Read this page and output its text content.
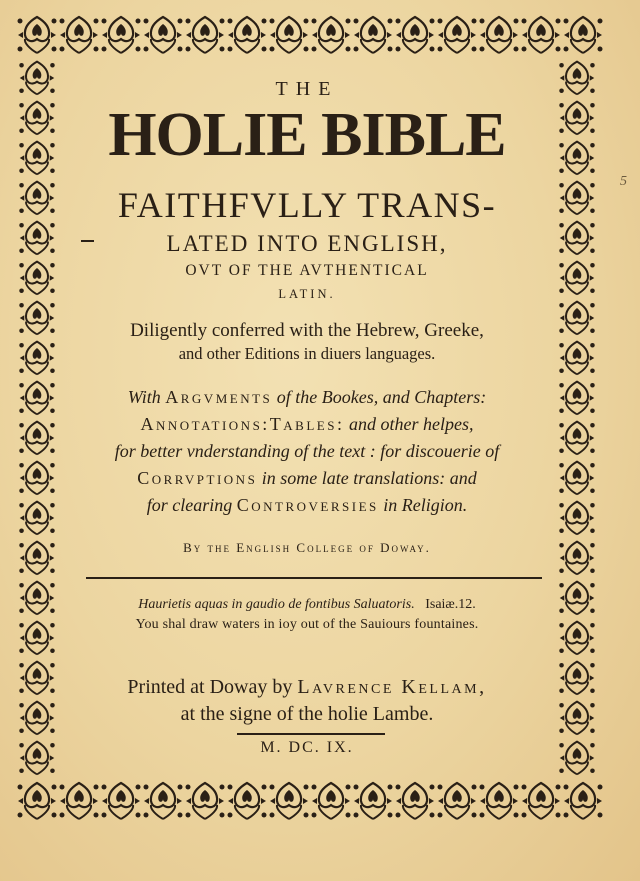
THE
HOLIE BIBLE
FAITHFVLLY TRANS-
LATED INTO ENGLISH,
OVT OF THE AVTHENTICAL
LATIN.
Diligently conferred with the Hebrew, Greeke,
and other Editions in diuers languages.
With Argvments of the Bookes, and Chapters:
Annotations:Tables: and other helpes,
for better vnderstanding of the text : for discouerie of
Corrvptions in some late translations: and
for clearing Controversies in Religion.
By the English College of Doway.
Haurietis aquas in gaudio de fontibus Saluatoris. Isaiæ.12.
You shal draw waters in ioy out of the Sauiours fountaines.
Printed at Doway by Lavrence Kellam,
at the signe of the holie Lambe.
M. DC. IX.
5
